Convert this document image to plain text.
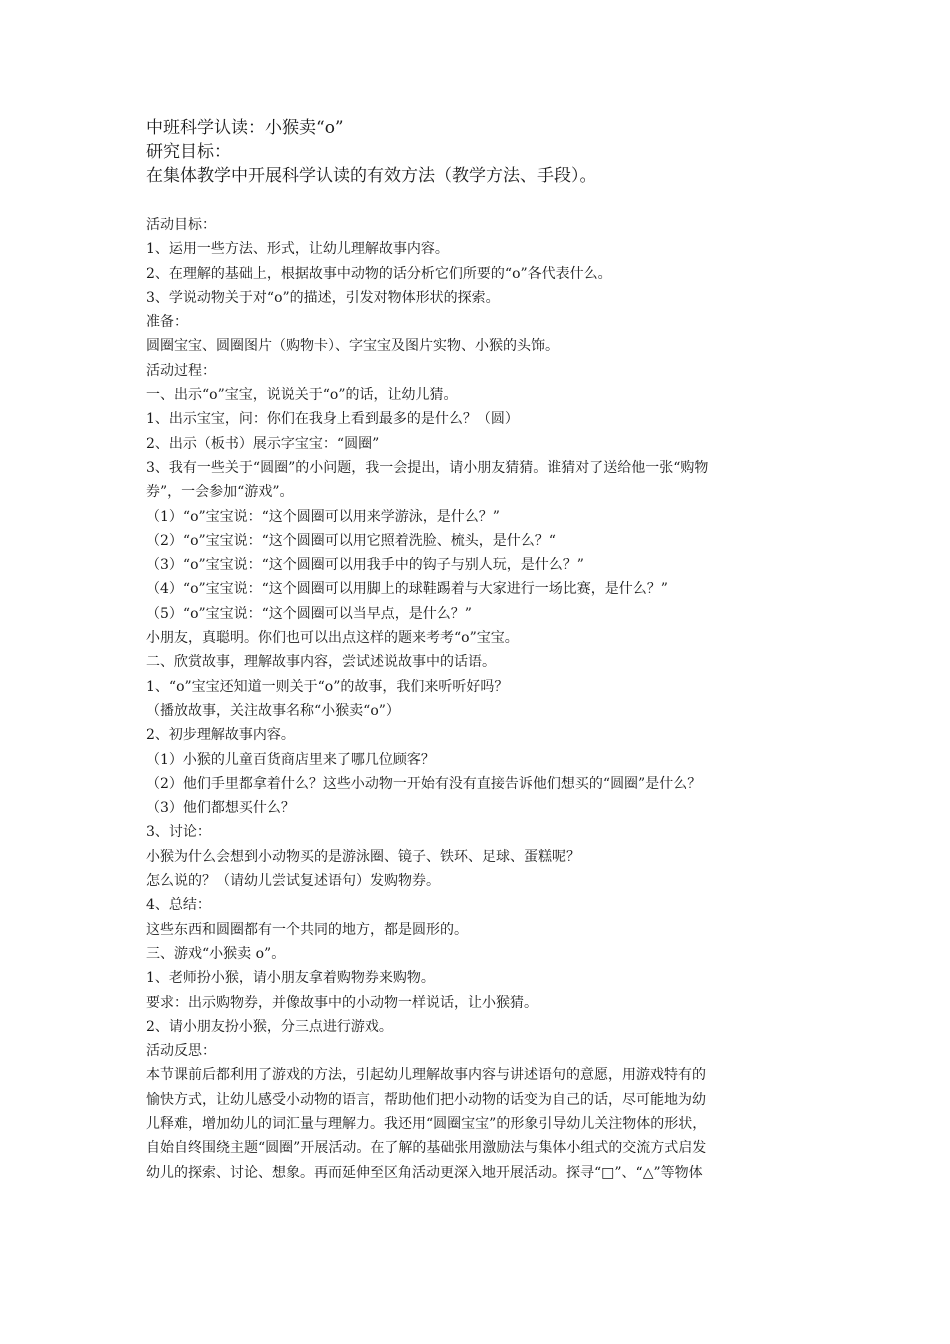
中班科学认读：小猴卖“o”
研究目标：
在集体教学中开展科学认读的有效方法（教学方法、手段）。
活动目标：
1、运用一些方法、形式，让幼儿理解故事内容。
2、在理解的基础上，根据故事中动物的话分析它们所要的“o”各代表什么。
3、学说动物关于对“o”的描述，引发对物体形状的探索。
准备：
圆圈宝宝、圆圈图片（购物卡）、字宝宝及图片实物、小猴的头饰。
活动过程：
一、出示“o”宝宝，说说关于“o”的话，让幼儿猜。
1、出示宝宝，问：你们在我身上看到最多的是什么？（圆）
2、出示（板书）展示字宝宝：“圆圈”
3、我有一些关于“圆圈”的小问题，我一会提出，请小朋友猜猜。谁猜对了送给他一张“购物
券”，一会参加“游戏”。
（1）“o”宝宝说：“这个圆圈可以用来学游泳，是什么？”
（2）“o”宝宝说：“这个圆圈可以用它照着洗脸、梳头，是什么？“
（3）“o”宝宝说：“这个圆圈可以用我手中的钩子与别人玩，是什么？”
（4）“o”宝宝说：“这个圆圈可以用脚上的球鞋踢着与大家进行一场比赛，是什么？”
（5）“o”宝宝说：“这个圆圈可以当早点，是什么？”
小朋友，真聪明。你们也可以出点这样的题来考考“o”宝宝。
二、欣赏故事，理解故事内容，尝试述说故事中的话语。
1、“o”宝宝还知道一则关于“o”的故事，我们来听听好吗？
（播放故事，关注故事名称“小猴卖“o”）
2、初步理解故事内容。
（1）小猴的儿童百货商店里来了哪几位顾客？
（2）他们手里都拿着什么？这些小动物一开始有没有直接告诉他们想买的“圆圈”是什么？
（3）他们都想买什么？
3、讨论：
小猴为什么会想到小动物买的是游泳圈、镜子、铁环、足球、蛋糕呢？
怎么说的？（请幼儿尝试复述语句）发购物券。
4、总结：
这些东西和圆圈都有一个共同的地方，都是圆形的。
三、游戏“小猴卖 o”。
1、老师扮小猴，请小朋友拿着购物券来购物。
要求：出示购物券，并像故事中的小动物一样说话，让小猴猜。
2、请小朋友扮小猴，分三点进行游戏。
活动反思：
本节课前后都利用了游戏的方法，引起幼儿理解故事内容与讲述语句的意愿，用游戏特有的
愉快方式，让幼儿感受小动物的语言，帮助他们把小动物的话变为自己的话，尽可能地为幼
儿释难，增加幼儿的词汇量与理解力。我还用“圆圈宝宝”的形象引导幼儿关注物体的形状，
自始自终围绕主题“圆圈”开展活动。在了解的基础张用激励法与集体小组式的交流方式启发
幼儿的探索、讨论、想象。再而延伸至区角活动更深入地开展活动。探寻“□”、“△”等物体
